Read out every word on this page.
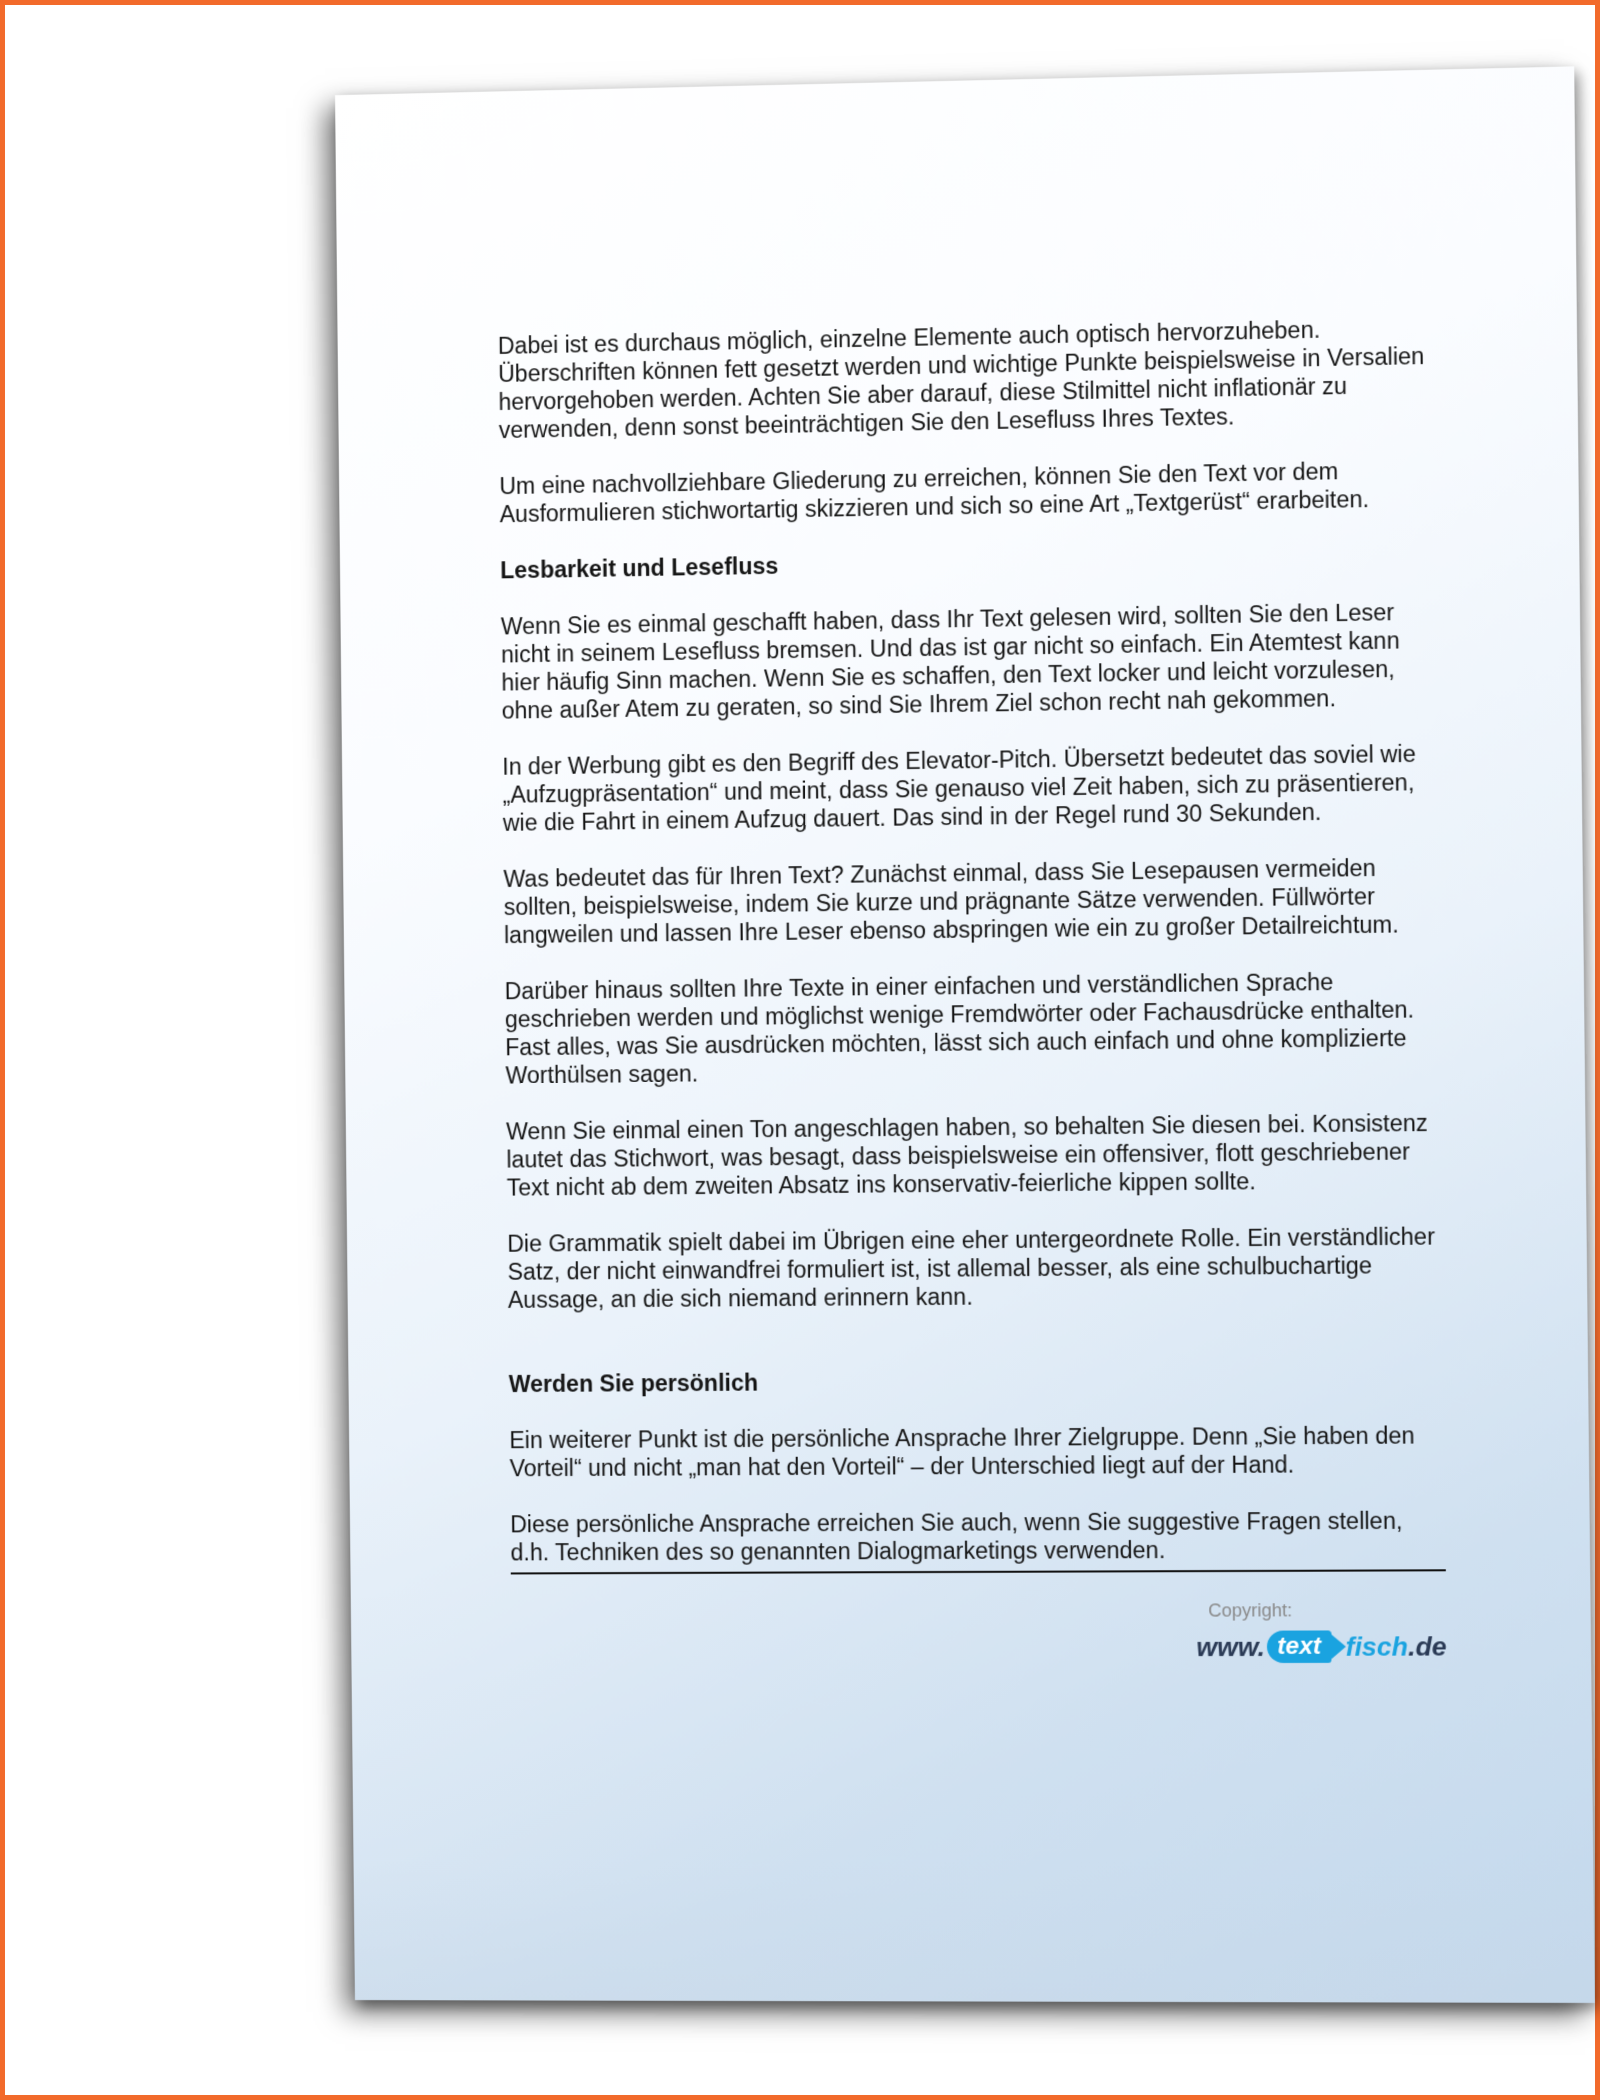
Dabei ist es durchaus möglich, einzelne Elemente auch optisch hervorzuheben. Überschriften können fett gesetzt werden und wichtige Punkte beispielsweise in Versalien hervorgehoben werden. Achten Sie aber darauf, diese Stilmittel nicht inflationär zu verwenden, denn sonst beeinträchtigen Sie den Lesefluss Ihres Textes.

Um eine nachvollziehbare Gliederung zu erreichen, können Sie den Text vor dem Ausformulieren stichwortartig skizzieren und sich so eine Art „Textgerüst“ erarbeiten.

Lesbarkeit und Lesefluss

Wenn Sie es einmal geschafft haben, dass Ihr Text gelesen wird, sollten Sie den Leser nicht in seinem Lesefluss bremsen. Und das ist gar nicht so einfach. Ein Atemtest kann hier häufig Sinn machen. Wenn Sie es schaffen, den Text locker und leicht vorzulesen, ohne außer Atem zu geraten, so sind Sie Ihrem Ziel schon recht nah gekommen.

In der Werbung gibt es den Begriff des Elevator-Pitch. Übersetzt bedeutet das soviel wie „Aufzugpräsentation“ und meint, dass Sie genauso viel Zeit haben, sich zu präsentieren, wie die Fahrt in einem Aufzug dauert. Das sind in der Regel rund 30 Sekunden.

Was bedeutet das für Ihren Text? Zunächst einmal, dass Sie Lesepausen vermeiden sollten, beispielsweise, indem Sie kurze und prägnante Sätze verwenden. Füllwörter langweilen und lassen Ihre Leser ebenso abspringen wie ein zu großer Detailreichtum.

Darüber hinaus sollten Ihre Texte in einer einfachen und verständlichen Sprache geschrieben werden und möglichst wenige Fremdwörter oder Fachausdrücke enthalten. Fast alles, was Sie ausdrücken möchten, lässt sich auch einfach und ohne komplizierte Worthülsen sagen.

Wenn Sie einmal einen Ton angeschlagen haben, so behalten Sie diesen bei. Konsistenz lautet das Stichwort, was besagt, dass beispielsweise ein offensiver, flott geschriebener Text nicht ab dem zweiten Absatz ins konservativ-feierliche kippen sollte.

Die Grammatik spielt dabei im Übrigen eine eher untergeordnete Rolle. Ein verständlicher Satz, der nicht einwandfrei formuliert ist, ist allemal besser, als eine schulbuchartige Aussage, an die sich niemand erinnern kann.

Werden Sie persönlich

Ein weiterer Punkt ist die persönliche Ansprache Ihrer Zielgruppe. Denn „Sie haben den Vorteil“ und nicht „man hat den Vorteil“ – der Unterschied liegt auf der Hand.

Diese persönliche Ansprache erreichen Sie auch, wenn Sie suggestive Fragen stellen, d.h. Techniken des so genannten Dialogmarketings verwenden.

Copyright:
www. text fisch .de
